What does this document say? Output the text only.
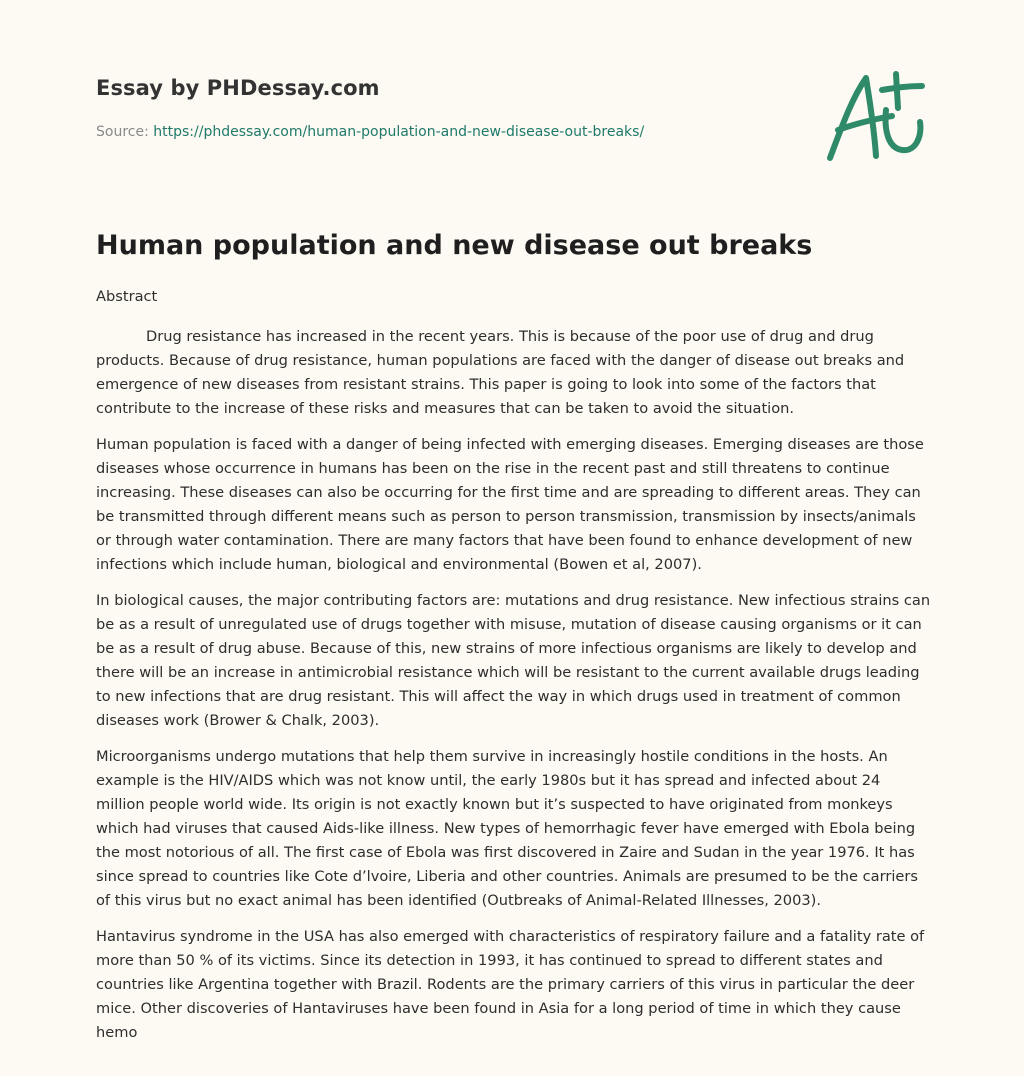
Essay by PHDessay.com
Source: https://phdessay.com/human-population-and-new-disease-out-breaks/
Human population and new disease out breaks

Abstract

Drug resistance has increased in the recent years. This is because of the poor use of drug and drug products. Because of drug resistance, human populations are faced with the danger of disease out breaks and emergence of new diseases from resistant strains. This paper is going to look into some of the factors that contribute to the increase of these risks and measures that can be taken to avoid the situation.

Human population is faced with a danger of being infected with emerging diseases. Emerging diseases are those diseases whose occurrence in humans has been on the rise in the recent past and still threatens to continue increasing. These diseases can also be occurring for the first time and are spreading to different areas. They can be transmitted through different means such as person to person transmission, transmission by insects/animals or through water contamination. There are many factors that have been found to enhance development of new infections which include human, biological and environmental (Bowen et al, 2007).

In biological causes, the major contributing factors are: mutations and drug resistance. New infectious strains can be as a result of unregulated use of drugs together with misuse, mutation of disease causing organisms or it can be as a result of drug abuse. Because of this, new strains of more infectious organisms are likely to develop and there will be an increase in antimicrobial resistance which will be resistant to the current available drugs leading to new infections that are drug resistant. This will affect the way in which drugs used in treatment of common diseases work (Brower & Chalk, 2003).

Microorganisms undergo mutations that help them survive in increasingly hostile conditions in the hosts. An example is the HIV/AIDS which was not know until, the early 1980s but it has spread and infected about 24 million people world wide. Its origin is not exactly known but it’s suspected to have originated from monkeys which had viruses that caused Aids-like illness. New types of hemorrhagic fever have emerged with Ebola being the most notorious of all. The first case of Ebola was first discovered in Zaire and Sudan in the year 1976. It has since spread to countries like Cote d’lvoire, Liberia and other countries. Animals are presumed to be the carriers of this virus but no exact animal has been identified (Outbreaks of Animal-Related Illnesses, 2003).

Hantavirus syndrome in the USA has also emerged with characteristics of respiratory failure and a fatality rate of more than 50 % of its victims. Since its detection in 1993, it has continued to spread to different states and countries like Argentina together with Brazil. Rodents are the primary carriers of this virus in particular the deer mice. Other discoveries of Hantaviruses have been found in Asia for a long period of time in which they cause hemo
